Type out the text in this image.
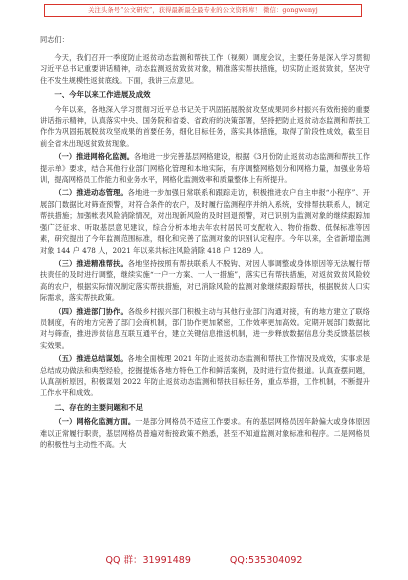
关注头条号“公文研究”，获得最新最全最专业的公文资料库！ 微信：gongwenyj

同志们：

今天，我们召开一季度防止返贫动态监测和帮扶工作（视频）调度会议，主要任务是深入学习贯彻习近平总书记重要讲话精神，动态监测返贫致贫对象，精准落实帮扶措施，切实防止返贫致贫，坚决守住不发生规模性返贫底线。下面，我讲三点意见。

一、今年以来工作进展及成效

今年以来，各地深入学习贯彻习近平总书记关于巩固拓展脱贫攻坚成果同乡村振兴有效衔接的重要讲话指示精神，认真落实中央、国务院和省委、省政府的决策部署，坚持把防止返贫动态监测和帮扶工作作为巩固拓展脱贫攻坚成果的首要任务，细化目标任务，落实具体措施，取得了阶段性成效，截至目前全省未出现返贫致贫现象。

（一）推进网格化监测。各地进一步完善基层网格建设，根据《3月份防止返贫动态监测和帮扶工作提示单》要求，结合其他行业部门网格化管理和本地实际，有序调整网格划分和网格力量，加强业务培训，提高网格员工作能力和业务水平，网格化监测效率和质量整体上有所提升。

（二）推进动态管理。各地进一步加强日常联系和跟踪走访，积极推进农户自主申报“小程序”、开展部门数据比对筛查预警，对符合条件的农户，及时履行监测程序并纳入系统，安排帮扶联系人，制定帮扶措施；加强帐表风险消除情况，对出现新风险的及时回退预警，对已识别为监测对象的继续跟踪加强广泛征求、听取基层意见建议，综合分析本地去年农村居民可支配收入、物价指数、低保标准等因素，研究提出了今年监测范围标准，细化和完善了监测对象的识别认定程序。今年以来，全省新增监测对象 144 户 478 人，2021 年以来共标注风险消除 418 户 1289 人。

（三）推进精准帮扶。各地坚持按照有帮扶联系人不脱钩、对因人事调整或身体原因等无法履行帮扶责任的及时进行调整，继续实施“一户一方案、一人一措施”，落实已有帮扶措施，对返贫致贫风险较高的农户，根据实际情况制定落实帮扶措施，对已消除风险的监测对象继续跟踪帮扶，根据脱贫人口实际需求，落实帮扶政策。

（四）推进部门协作。各级乡村振兴部门积极主动与其他行业部门沟通对接，有的地方建立了联络员制度，有的地方完善了部门会商机制，部门协作更加紧密，工作效率更加高效。定期开展部门数据比对与筛查，推进涉贫信息互联互通平台，建立关键信息推送机制，进一步释放数据信息分类反馈基层核实效果。

（五）推进总结谋划。各地全面梳理 2021 年防止返贫动态监测和帮扶工作情况及成效，实事求是总结成功做法和典型经验，挖掘提炼各地方特色工作和鲜活案例，及时进行宣传报道。认真查摆问题，认真剖析原因，积极谋划 2022 年防止返贫动态监测和帮扶目标任务，重点举措，工作机制，不断提升工作水平和成效。

二、存在的主要问题和不足

（一）网格化监测方面。一是部分网格员不适应工作要求。有的基层网格员因年龄偏大或身体原因难以正常履行职责，基层网格员普遍对衔接政策不熟悉，甚至不知道监测对象标准和程序。二是网格员的积极性与主动性不高。大

QQ 群：31991489	QQ:535304092
